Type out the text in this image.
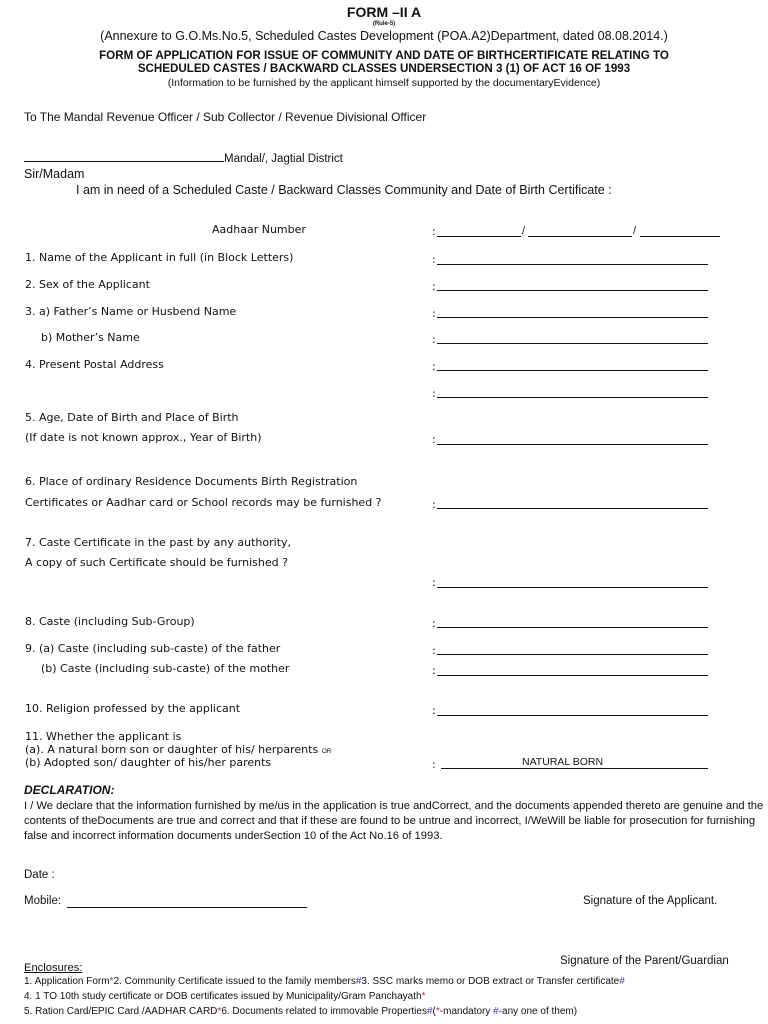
FORM –II A
(Rule-5)
(Annexure to G.O.Ms.No.5, Scheduled Castes Development (POA.A2)Department, dated 08.08.2014.)
FORM OF APPLICATION FOR ISSUE OF COMMUNITY AND DATE OF BIRTHCERTIFICATE RELATING TO
SCHEDULED CASTES / BACKWARD CLASSES UNDERSECTION 3 (1) OF ACT 16 OF 1993
(Information to be furnished by the applicant himself supported by the documentaryEvidence)
To The Mandal Revenue Officer / Sub Collector / Revenue Divisional Officer
Mandal/, Jagtial District
Sir/Madam
I am in need of a Scheduled Caste / Backward Classes Community and Date of Birth Certificate :
Aadhaar Number	:	/	/
1. Name of the Applicant in full (in Block Letters)	:
2. Sex of the Applicant	:
3. a) Father’s Name or Husbend Name	:
b) Mother’s Name	:
4. Present Postal Address	:
:
5. Age, Date of Birth and Place of Birth
(If date is not known approx., Year of Birth)	:
6. Place of ordinary Residence Documents Birth Registration
Certificates or Aadhar card or School records may be furnished ?	:
7. Caste Certificate in the past by any authority,
A copy of such Certificate should be furnished ?
:
8. Caste (including Sub-Group)	:
9. (a) Caste (including sub-caste) of the father	:
(b) Caste (including sub-caste) of the mother	:
10. Religion professed by the applicant	:
11. Whether the applicant is
(a). A natural born son or daughter of his/ herparents OR
(b) Adopted son/ daughter of his/her parents	:	NATURAL BORN
DECLARATION:
I / We declare that the information furnished by me/us in the application is true andCorrect, and the documents appended thereto are genuine and the contents of theDocuments are true and correct and that if these are found to be untrue and incorrect, I/WeWill be liable for prosecution for furnishing false and incorrect information documents underSection 10 of the Act No.16 of 1993.
Date :
Mobile:	Signature of the Applicant.
Signature of the Parent/Guardian
Enclosures:
1. Application Form*2. Community Certificate issued to the family members#3. SSC marks memo or DOB extract or Transfer certificate#
4. 1 TO 10th study certificate or DOB certificates issued by Municipality/Gram Panchayath*
5. Ration Card/EPIC Card /AADHAR CARD*6. Documents related to immovable Properties#(*-mandatory #-any one of them)
